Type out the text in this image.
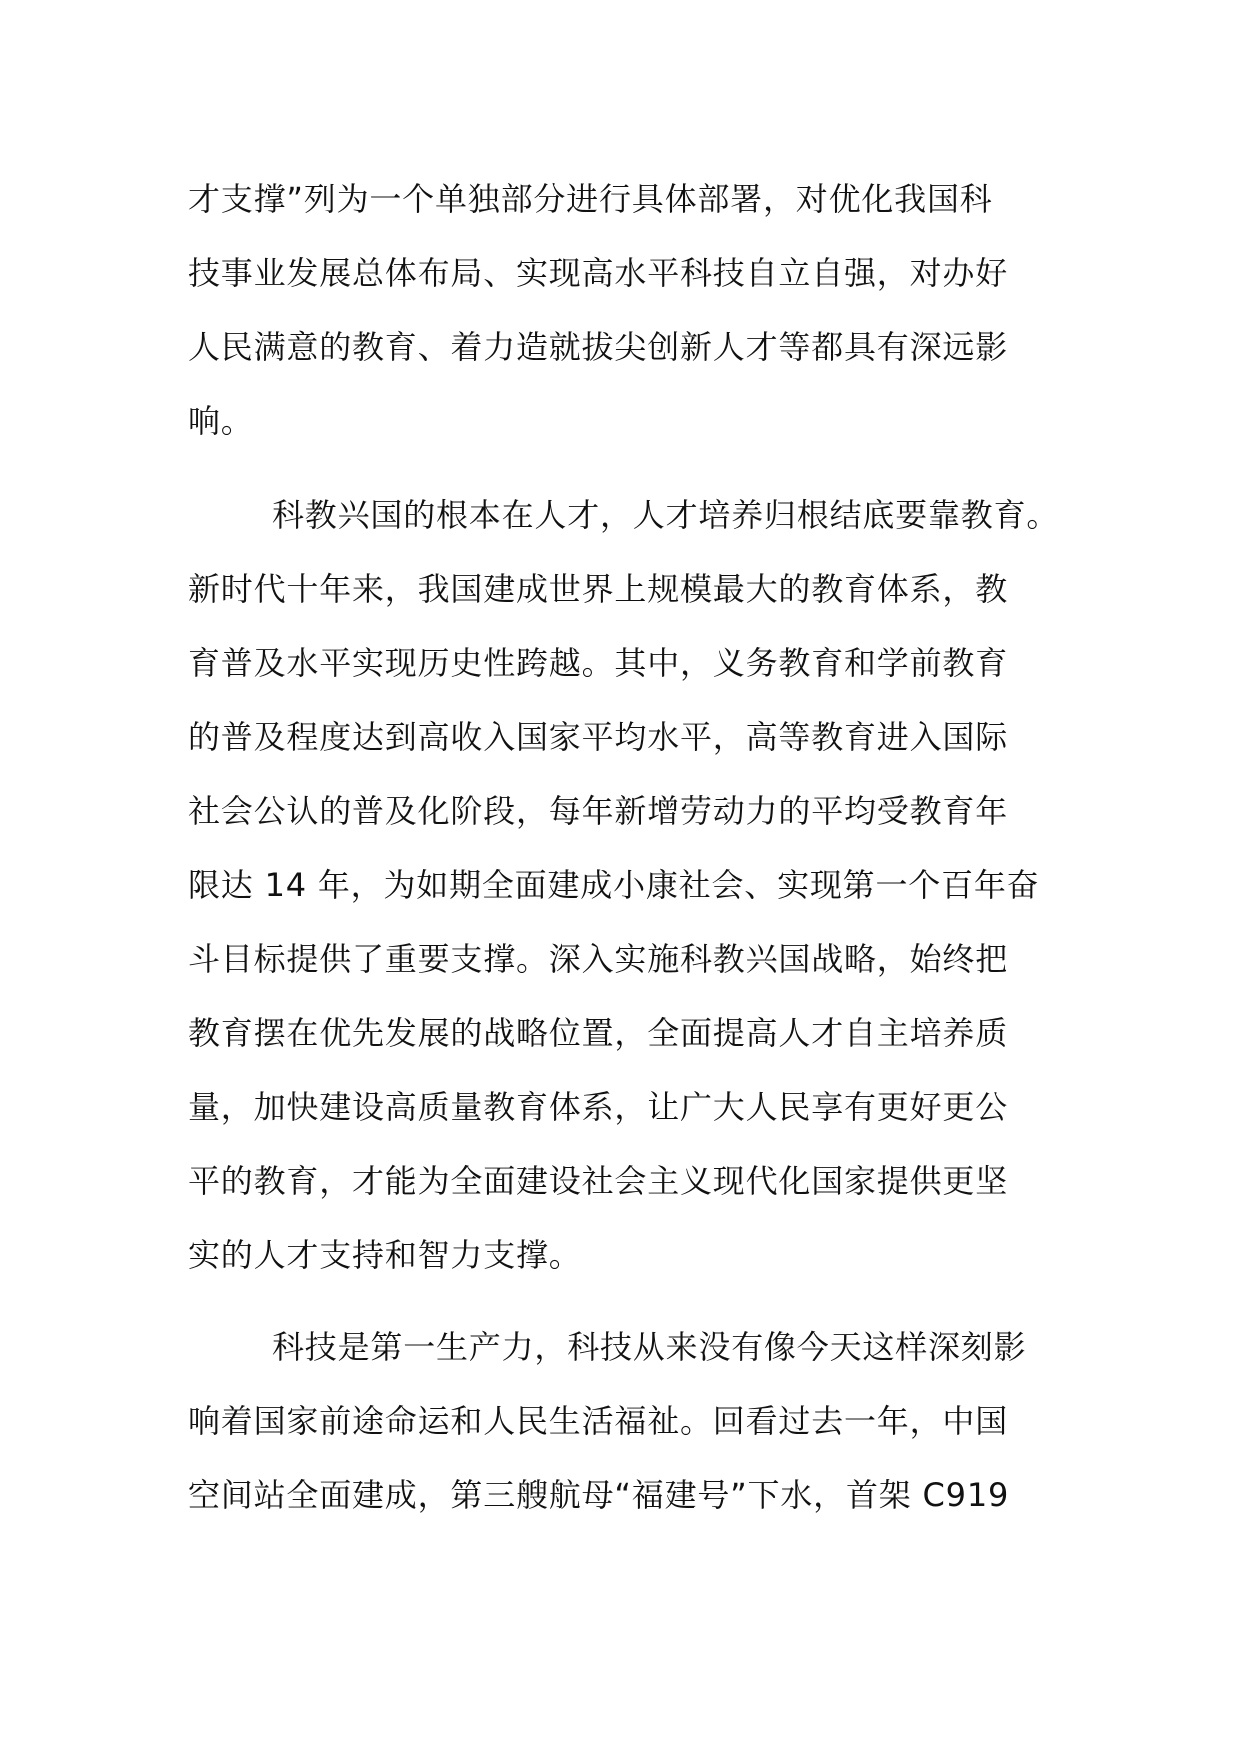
才支撑”列为一个单独部分进行具体部署，对优化我国科
技事业发展总体布局、实现高水平科技自立自强，对办好
人民满意的教育、着力造就拔尖创新人才等都具有深远影
响。
科教兴国的根本在人才，人才培养归根结底要靠教育。
新时代十年来，我国建成世界上规模最大的教育体系，教
育普及水平实现历史性跨越。其中，义务教育和学前教育
的普及程度达到高收入国家平均水平，高等教育进入国际
社会公认的普及化阶段，每年新增劳动力的平均受教育年
限达 14 年，为如期全面建成小康社会、实现第一个百年奋
斗目标提供了重要支撑。深入实施科教兴国战略，始终把
教育摆在优先发展的战略位置，全面提高人才自主培养质
量，加快建设高质量教育体系，让广大人民享有更好更公
平的教育，才能为全面建设社会主义现代化国家提供更坚
实的人才支持和智力支撑。
科技是第一生产力，科技从来没有像今天这样深刻影
响着国家前途命运和人民生活福祉。回看过去一年，中国
空间站全面建成，第三艘航母“福建号”下水，首架 C919
